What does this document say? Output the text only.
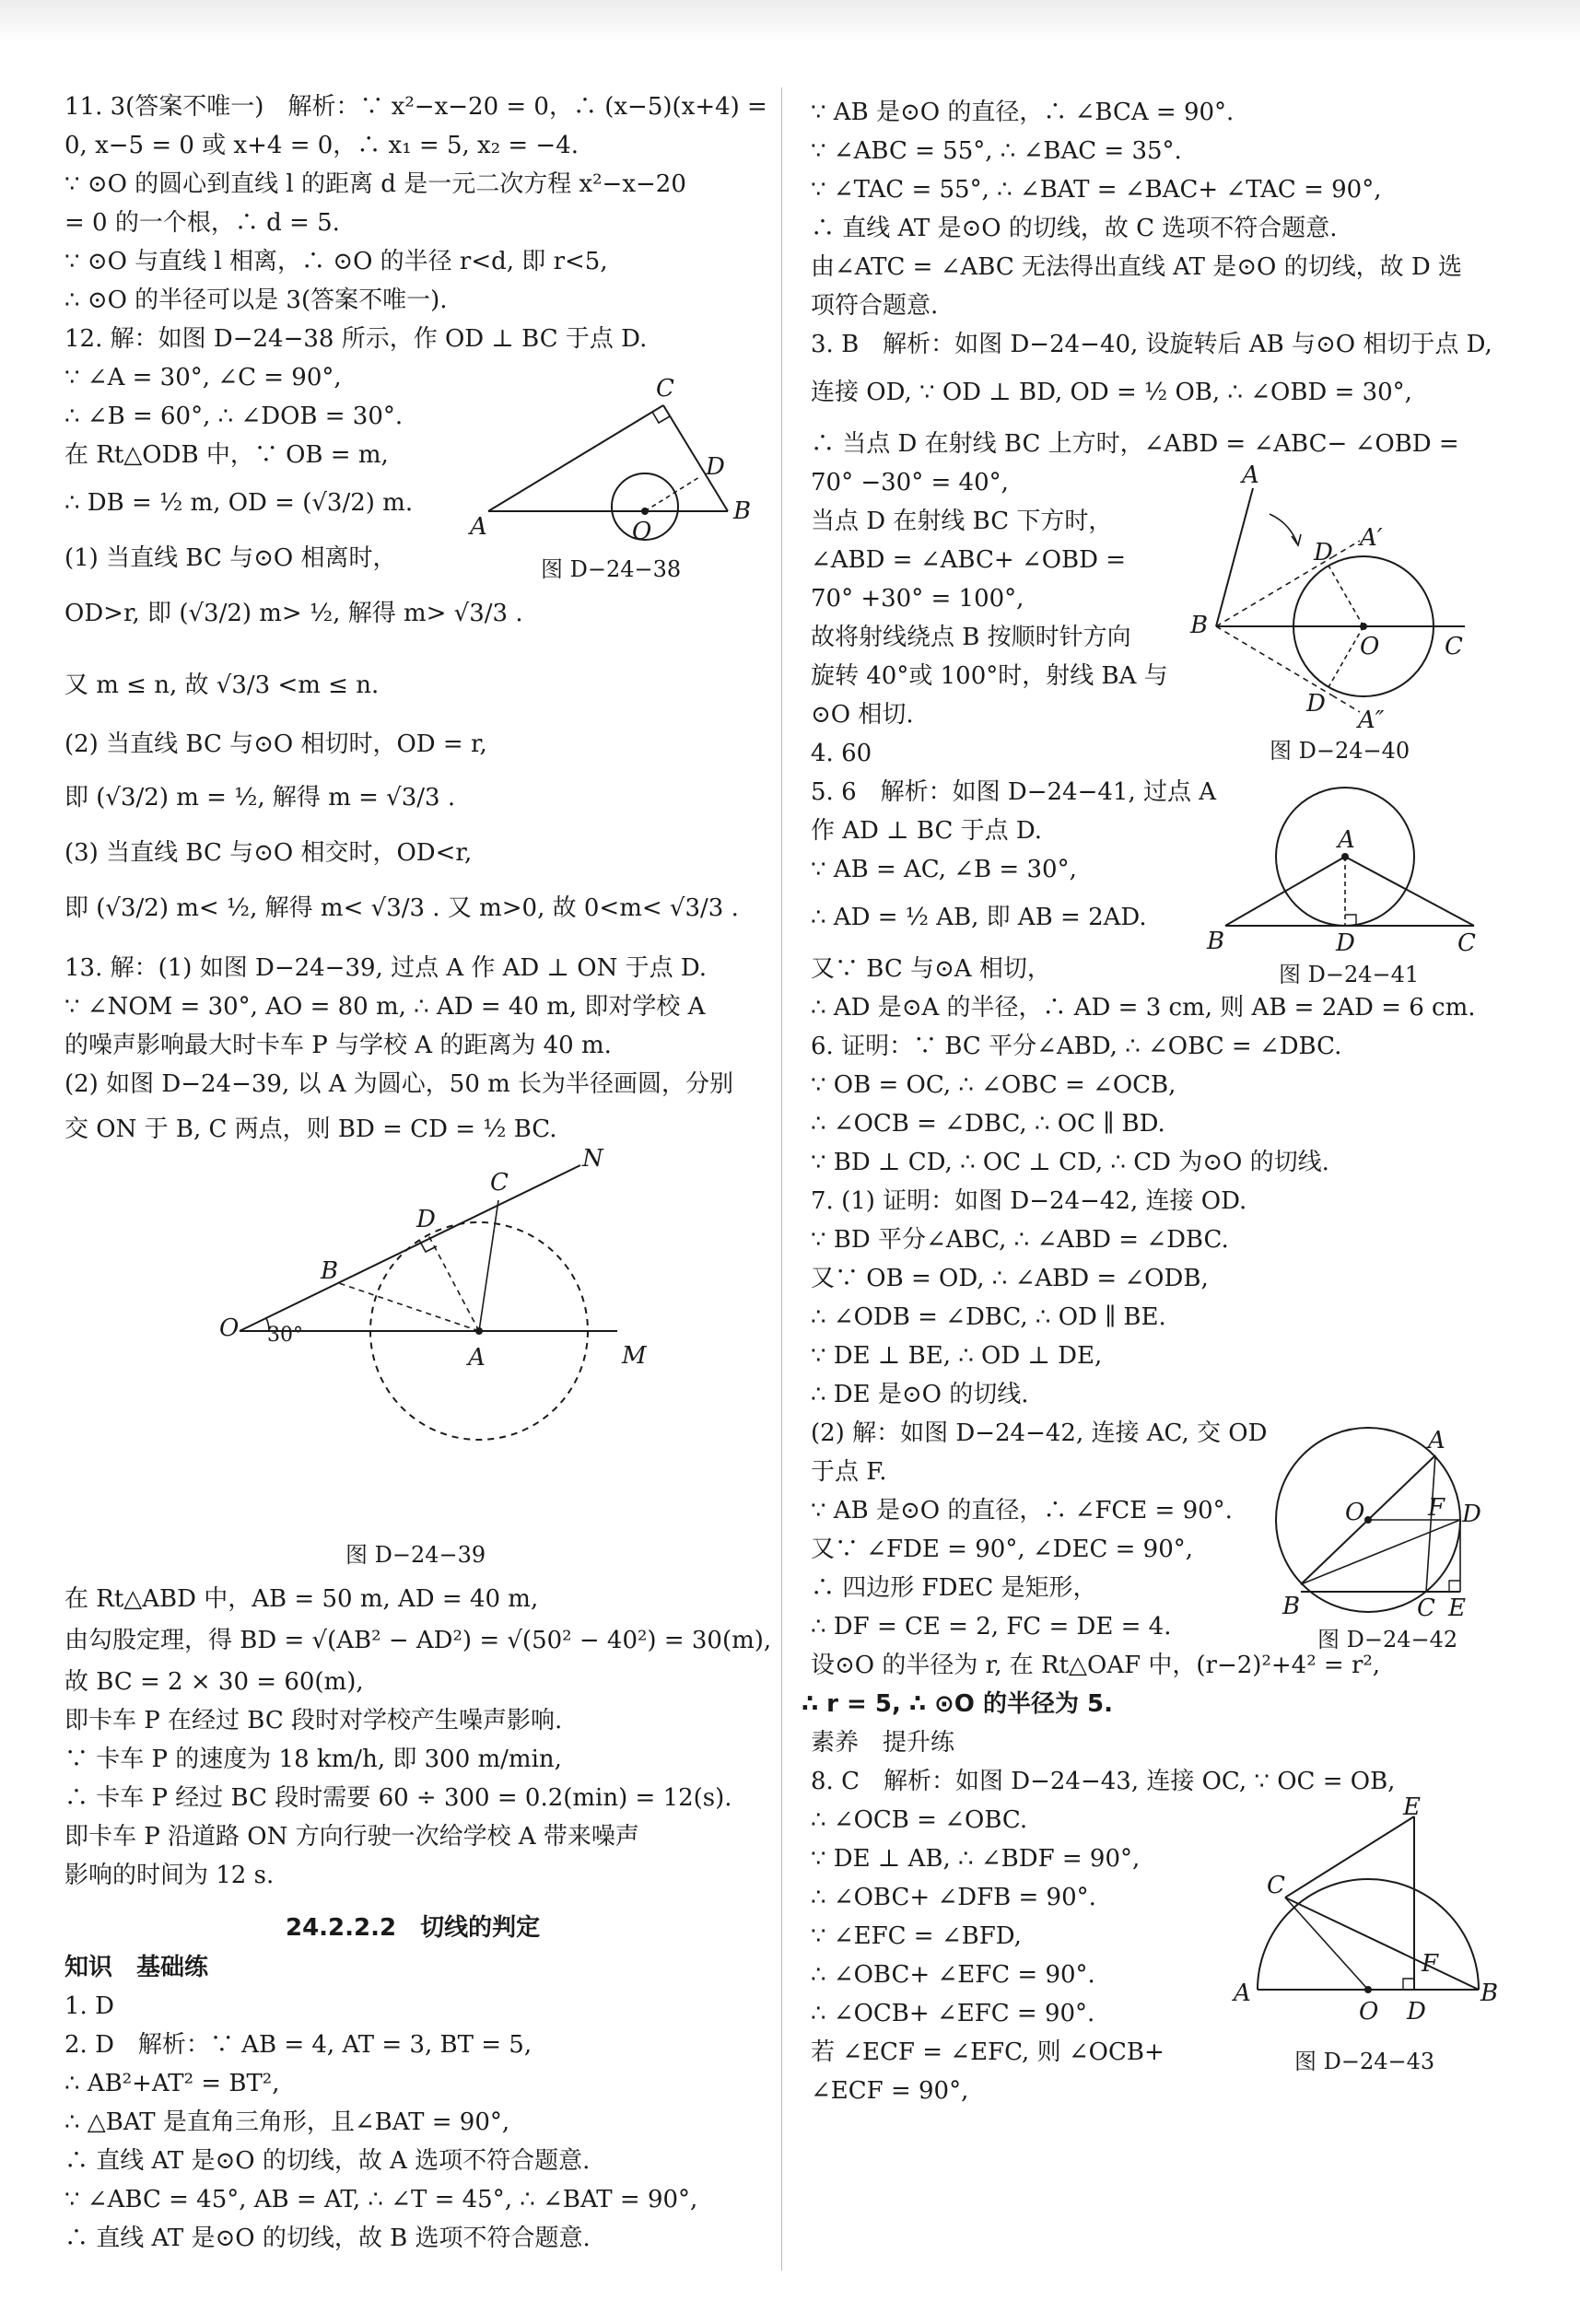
11. 3(答案不唯一)　解析：∵ x²−x−20 = 0，∴ (x−5)(x+4) =
0, x−5 = 0 或 x+4 = 0，∴ x₁ = 5, x₂ = −4.
∵ ⊙O 的圆心到直线 l 的距离 d 是一元二次方程 x²−x−20
= 0 的一个根，∴ d = 5.
∵ ⊙O 与直线 l 相离，∴ ⊙O 的半径 r<d, 即 r<5,
∴ ⊙O 的半径可以是 3(答案不唯一).
12. 解：如图 D−24−38 所示，作 OD ⊥ BC 于点 D.
∵ ∠A = 30°, ∠C = 90°,
∴ ∠B = 60°, ∴ ∠DOB = 30°.
在 Rt△ODB 中，∵ OB = m,
∴ DB = ½ m, OD = (√3/2) m.
(1) 当直线 BC 与⊙O 相离时，
OD>r, 即 (√3/2) m> ½, 解得 m> √3/3 .
又 m ≤ n, 故 √3/3 <m ≤ n.
(2) 当直线 BC 与⊙O 相切时，OD = r,
即 (√3/2) m = ½, 解得 m = √3/3 .
(3) 当直线 BC 与⊙O 相交时，OD<r,
即 (√3/2) m< ½, 解得 m< √3/3 . 又 m>0, 故 0<m< √3/3 .
13. 解：(1) 如图 D−24−39, 过点 A 作 AD ⊥ ON 于点 D.
∵ ∠NOM = 30°, AO = 80 m, ∴ AD = 40 m, 即对学校 A
的噪声影响最大时卡车 P 与学校 A 的距离为 40 m.
(2) 如图 D−24−39, 以 A 为圆心，50 m 长为半径画圆，分别
交 ON 于 B, C 两点，则 BD = CD = ½ BC.
O
B
D
C
N
M
A
30°
图 D−24−39
在 Rt△ABD 中，AB = 50 m, AD = 40 m,
由勾股定理，得 BD = √(AB² − AD²) = √(50² − 40²) = 30(m),
故 BC = 2 × 30 = 60(m),
即卡车 P 在经过 BC 段时对学校产生噪声影响.
∵ 卡车 P 的速度为 18 km/h, 即 300 m/min,
∴ 卡车 P 经过 BC 段时需要 60 ÷ 300 = 0.2(min) = 12(s).
即卡车 P 沿道路 ON 方向行驶一次给学校 A 带来噪声
影响的时间为 12 s.
24.2.2.2　切线的判定
知识　基础练
1. D
2. D　解析：∵ AB = 4, AT = 3, BT = 5,
∴ AB²+AT² = BT²,
∴ △BAT 是直角三角形，且∠BAT = 90°,
∴ 直线 AT 是⊙O 的切线，故 A 选项不符合题意.
∵ ∠ABC = 45°, AB = AT, ∴ ∠T = 45°, ∴ ∠BAT = 90°,
∴ 直线 AT 是⊙O 的切线，故 B 选项不符合题意.
A
C
D
B
O
图 D−24−38
∵ AB 是⊙O 的直径，∴ ∠BCA = 90°.
∵ ∠ABC = 55°, ∴ ∠BAC = 35°.
∵ ∠TAC = 55°, ∴ ∠BAT = ∠BAC+ ∠TAC = 90°,
∴ 直线 AT 是⊙O 的切线，故 C 选项不符合题意.
由∠ATC = ∠ABC 无法得出直线 AT 是⊙O 的切线，故 D 选
项符合题意.
3. B　解析：如图 D−24−40, 设旋转后 AB 与⊙O 相切于点 D,
连接 OD, ∵ OD ⊥ BD, OD = ½ OB, ∴ ∠OBD = 30°,
∴ 当点 D 在射线 BC 上方时，∠ABD = ∠ABC− ∠OBD =
70° −30° = 40°,
当点 D 在射线 BC 下方时，
∠ABD = ∠ABC+ ∠OBD =
70° +30° = 100°,
故将射线绕点 B 按顺时针方向
旋转 40°或 100°时，射线 BA 与
⊙O 相切.
4. 60
5. 6　解析：如图 D−24−41, 过点 A
作 AD ⊥ BC 于点 D.
∵ AB = AC, ∠B = 30°,
∴ AD = ½ AB, 即 AB = 2AD.
又∵ BC 与⊙A 相切，
∴ AD 是⊙A 的半径，∴ AD = 3 cm, 则 AB = 2AD = 6 cm.
6. 证明：∵ BC 平分∠ABD, ∴ ∠OBC = ∠DBC.
∵ OB = OC, ∴ ∠OBC = ∠OCB,
∴ ∠OCB = ∠DBC, ∴ OC ∥ BD.
∵ BD ⊥ CD, ∴ OC ⊥ CD, ∴ CD 为⊙O 的切线.
7. (1) 证明：如图 D−24−42, 连接 OD.
∵ BD 平分∠ABC, ∴ ∠ABD = ∠DBC.
又∵ OB = OD, ∴ ∠ABD = ∠ODB,
∴ ∠ODB = ∠DBC, ∴ OD ∥ BE.
∵ DE ⊥ BE, ∴ OD ⊥ DE,
∴ DE 是⊙O 的切线.
(2) 解：如图 D−24−42, 连接 AC, 交 OD
于点 F.
∵ AB 是⊙O 的直径，∴ ∠FCE = 90°.
又∵ ∠FDE = 90°, ∠DEC = 90°,
∴ 四边形 FDEC 是矩形，
∴ DF = CE = 2, FC = DE = 4.
设⊙O 的半径为 r, 在 Rt△OAF 中，(r−2)²+4² = r²,
∴ r = 5, ∴ ⊙O 的半径为 5.
素养　提升练
8. C　解析：如图 D−24−43, 连接 OC, ∵ OC = OB,
∴ ∠OCB = ∠OBC.
∵ DE ⊥ AB, ∴ ∠BDF = 90°,
∴ ∠OBC+ ∠DFB = 90°.
∵ ∠EFC = ∠BFD,
∴ ∠OBC+ ∠EFC = 90°.
∴ ∠OCB+ ∠EFC = 90°.
若 ∠ECF = ∠EFC, 则 ∠OCB+
∠ECF = 90°,
A
A′
D
B
O	C
D
A″
图 D−24−40
A
B	D	C
图 D−24−41
A
O	F D
B	C E
图 D−24−42
E
C
F
A
O D
B
图 D−24−43
